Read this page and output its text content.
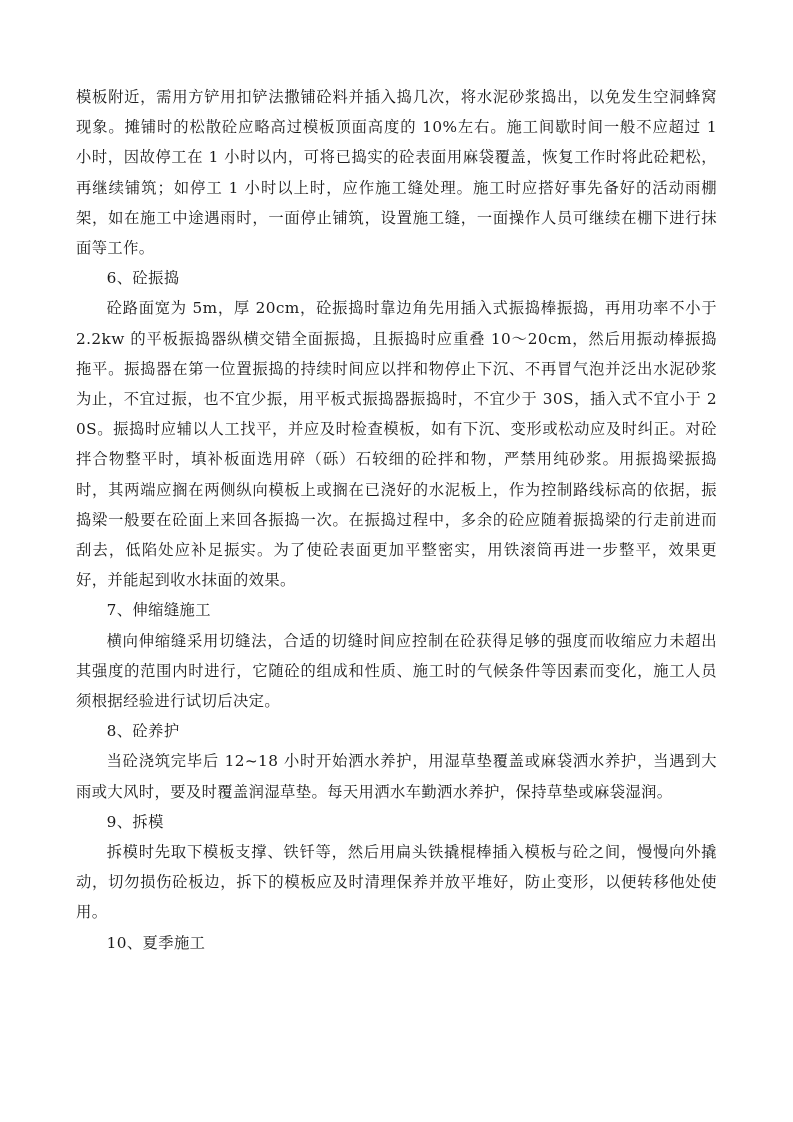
模板附近，需用方铲用扣铲法撒铺砼料并插入捣几次，将水泥砂浆捣出，以免发生空洞蜂窝现象。摊铺时的松散砼应略高过模板顶面高度的 10%左右。施工间歇时间一般不应超过 1 小时，因故停工在 1 小时以内，可将已捣实的砼表面用麻袋覆盖，恢复工作时将此砼耙松，再继续铺筑；如停工 1 小时以上时，应作施工缝处理。施工时应搭好事先备好的活动雨棚架，如在施工中途遇雨时，一面停止铺筑，设置施工缝，一面操作人员可继续在棚下进行抹面等工作。

6、砼振捣

砼路面宽为 5m，厚 20cm，砼振捣时靠边角先用插入式振捣棒振捣，再用功率不小于 2.2kw 的平板振捣器纵横交错全面振捣，且振捣时应重叠 10～20cm，然后用振动棒振捣拖平。振捣器在第一位置振捣的持续时间应以拌和物停止下沉、不再冒气泡并泛出水泥砂浆为止，不宜过振，也不宜少振，用平板式振捣器振捣时，不宜少于 30S，插入式不宜小于 20S。振捣时应辅以人工找平，并应及时检查模板，如有下沉、变形或松动应及时纠正。对砼拌合物整平时，填补板面选用碎（砾）石较细的砼拌和物，严禁用纯砂浆。用振捣梁振捣时，其两端应搁在两侧纵向模板上或搁在已浇好的水泥板上，作为控制路线标高的依据，振捣梁一般要在砼面上来回各振捣一次。在振捣过程中，多余的砼应随着振捣梁的行走前进而刮去，低陷处应补足振实。为了使砼表面更加平整密实，用铁滚筒再进一步整平，效果更好，并能起到收水抹面的效果。

7、伸缩缝施工

横向伸缩缝采用切缝法，合适的切缝时间应控制在砼获得足够的强度而收缩应力未超出其强度的范围内时进行，它随砼的组成和性质、施工时的气候条件等因素而变化，施工人员须根据经验进行试切后决定。

8、砼养护

当砼浇筑完毕后 12~18 小时开始洒水养护，用湿草垫覆盖或麻袋洒水养护，当遇到大雨或大风时，要及时覆盖润湿草垫。每天用洒水车勤洒水养护，保持草垫或麻袋湿润。

9、拆模

拆模时先取下模板支撑、铁钎等，然后用扁头铁撬棍棒插入模板与砼之间，慢慢向外撬动，切勿损伤砼板边，拆下的模板应及时清理保养并放平堆好，防止变形，以便转移他处使用。

10、夏季施工
